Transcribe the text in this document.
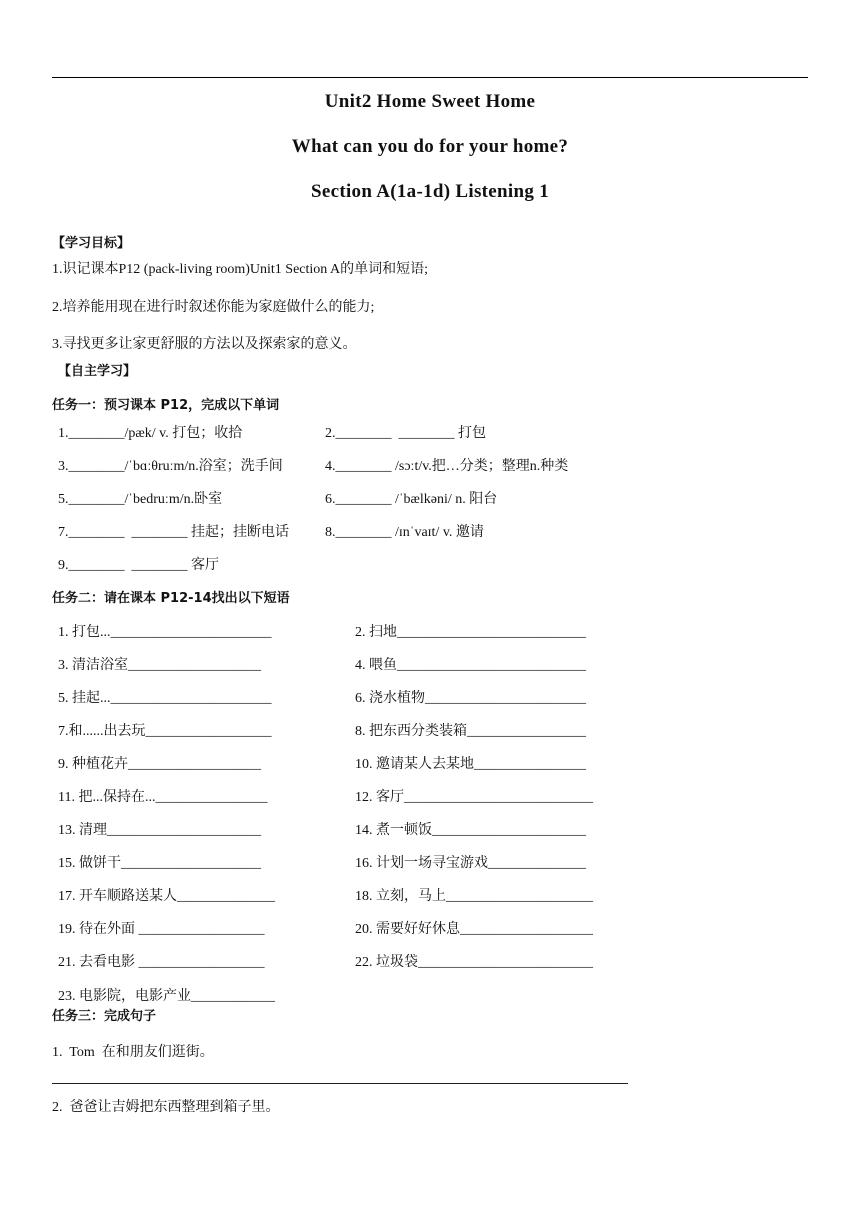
Unit2 Home Sweet Home
What can you do for your home?
Section A(1a-1d) Listening 1
【学习目标】
1.识记课本P12 (pack-living room)Unit1 Section A的单词和短语;
2.培养能用现在进行时叙述你能为家庭做什么的能力;
3.寻找更多让家更舒服的方法以及探索家的意义。
【自主学习】
任务一：预习课本 P12，完成以下单词
1.________/pæk/ v. 打包；收拾	2.________  ________ 打包
3.________/ˈbɑːθruːm/n.浴室；洗手间	4.________ /sɔːt/v.把…分类；整理n.种类
5.________/ˈbedruːm/n.卧室	6.________ /ˈbælkəni/ n. 阳台
7.________  ________ 挂起；挂断电话	8.________ /ɪnˈvaɪt/ v. 邀请
9.________  ________ 客厅
任务二：请在课本 P12-14找出以下短语
1. 打包..._______________________	2. 扫地___________________________
3. 清洁浴室___________________	4. 喂鱼___________________________
5. 挂起..._______________________	6. 浇水植物_______________________
7.和......出去玩__________________	8. 把东西分类装箱_________________
9. 种植花卉___________________	10. 邀请某人去某地________________
11. 把...保持在...________________	12. 客厅___________________________
13. 清理______________________	14. 煮一顿饭______________________
15. 做饼干____________________	16. 计划一场寻宝游戏______________
17. 开车顺路送某人______________	18. 立刻，马上_____________________
19. 待在外面 __________________	20. 需要好好休息___________________
21. 去看电影 __________________	22. 垃圾袋_________________________
23. 电影院，电影产业____________
任务三：完成句子
1.  Tom  在和朋友们逛街。
2.  爸爸让吉姆把东西整理到箱子里。
